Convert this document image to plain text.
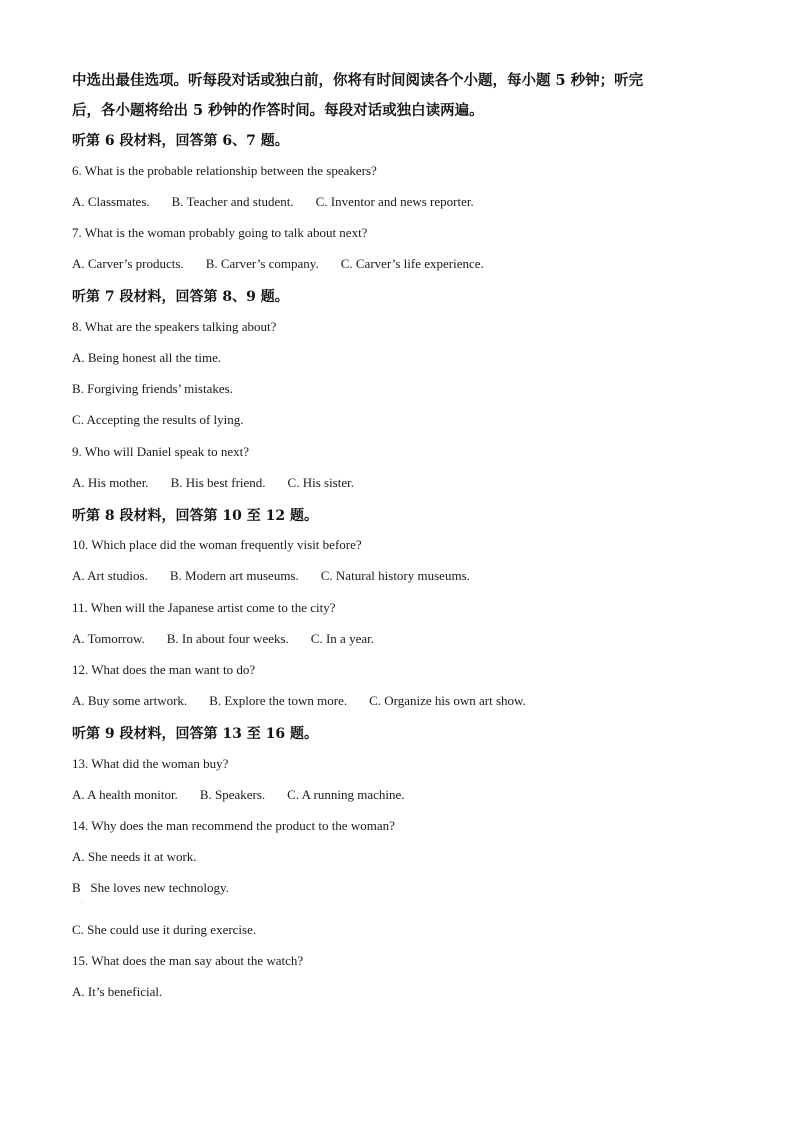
中选出最佳选项。听每段对话或独白前，你将有时间阅读各个小题，每小题 5 秒钟；听完

后，各小题将给出 5 秒钟的作答时间。每段对话或独白读两遍。

听第 6 段材料，回答第 6、7 题。
6. What is the probable relationship between the speakers?
A. Classmates. B. Teacher and student. C. Inventor and news reporter.
7. What is the woman probably going to talk about next?
A. Carver’s products. B. Carver’s company. C. Carver’s life experience.
听第 7 段材料，回答第 8、9 题。
8. What are the speakers talking about?
A. Being honest all the time.
B. Forgiving friends’ mistakes.
C. Accepting the results of lying.
9. Who will Daniel speak to next?
A. His mother. B. His best friend. C. His sister.
听第 8 段材料，回答第 10 至 12 题。
10. Which place did the woman frequently visit before?
A. Art studios. B. Modern art museums. C. Natural history museums.
11. When will the Japanese artist come to the city?
A. Tomorrow. B. In about four weeks. C. In a year.
12. What does the man want to do?
A. Buy some artwork. B. Explore the town more. C. Organize his own art show.
听第 9 段材料，回答第 13 至 16 题。
13. What did the woman buy?
A. A health monitor. B. Speakers. C. A running machine.
14. Why does the man recommend the product to the woman?
A. She needs it at work.
B   She loves new technology.
.
C. She could use it during exercise.
15. What does the man say about the watch?
A. It’s beneficial.
